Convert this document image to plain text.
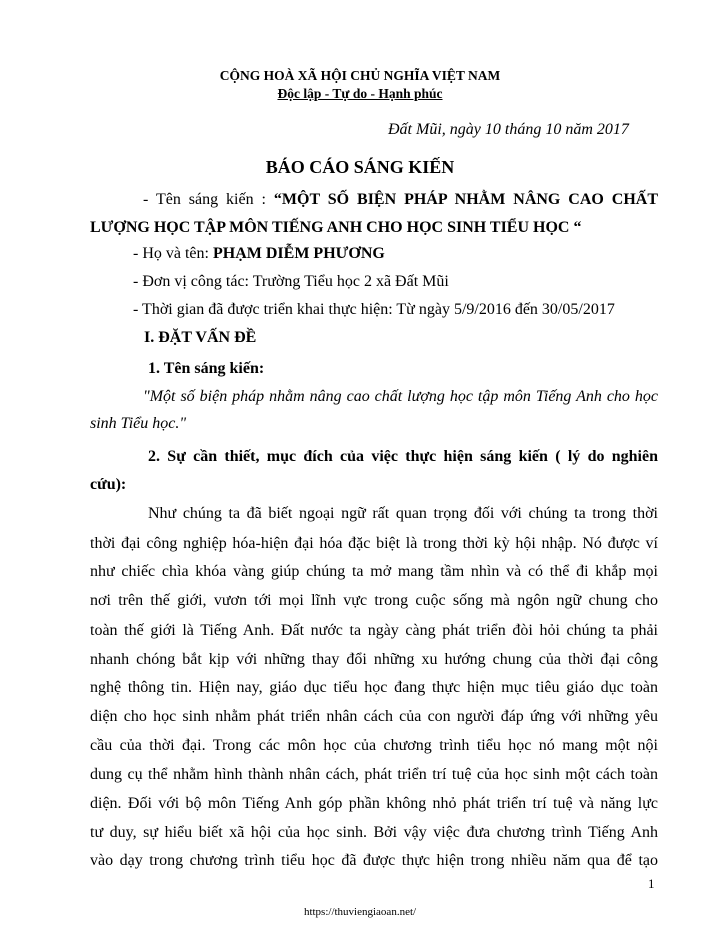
CỘNG HOÀ XÃ HỘI CHỦ NGHĨA VIỆT NAM
Độc lập - Tự do - Hạnh phúc
Đất Mũi, ngày 10 tháng 10 năm 2017
BÁO CÁO SÁNG KIẾN
- Tên sáng kiến : “MỘT SỐ BIỆN PHÁP NHẰM NÂNG CAO CHẤT
LƯỢNG HỌC TẬP MÔN TIẾNG ANH CHO HỌC SINH TIỂU HỌC “
- Họ và tên: PHẠM DIỄM PHƯƠNG
- Đơn vị công tác: Trường Tiểu học 2 xã Đất Mũi
- Thời gian đã được triển khai thực hiện: Từ ngày 5/9/2016 đến 30/05/2017
I. ĐẶT VẤN ĐỀ
1. Tên sáng kiến:
"Một số biện pháp nhằm nâng cao chất lượng học tập môn Tiếng Anh cho học
sinh Tiểu học."
2. Sự cần thiết, mục đích của việc thực hiện sáng kiến ( lý do nghiên
cứu):
Như chúng ta đã biết ngoại ngữ rất quan trọng đối với chúng ta trong thời
thời đại công nghiệp hóa-hiện đại hóa đặc biệt là trong thời kỳ hội nhập. Nó được ví
như chiếc chìa khóa vàng giúp chúng ta mở mang tầm nhìn và có thể đi khắp mọi
nơi trên thế giới, vươn tới mọi lĩnh vực trong cuộc sống mà ngôn ngữ chung cho
toàn thế giới là Tiếng Anh. Đất nước ta ngày càng phát triển đòi hỏi chúng ta phải
nhanh chóng bắt kịp với những thay đổi những xu hướng chung của thời đại công
nghệ thông tin. Hiện nay, giáo dục tiểu học đang thực hiện mục tiêu giáo dục toàn
diện cho học sinh nhằm phát triển nhân cách của con người đáp ứng với những yêu
cầu của thời đại. Trong các môn học của chương trình tiểu học nó mang một nội
dung cụ thể nhằm hình thành nhân cách, phát triển trí tuệ của học sinh một cách toàn
diện. Đối với bộ môn Tiếng Anh góp phần không nhỏ phát triển trí tuệ và năng lực
tư duy, sự hiểu biết xã hội của học sinh. Bởi vậy việc đưa chương trình Tiếng Anh
vào dạy trong chương trình tiểu học đã được thực hiện trong nhiều năm qua để tạo
1
https://thuviengiaoan.net/
